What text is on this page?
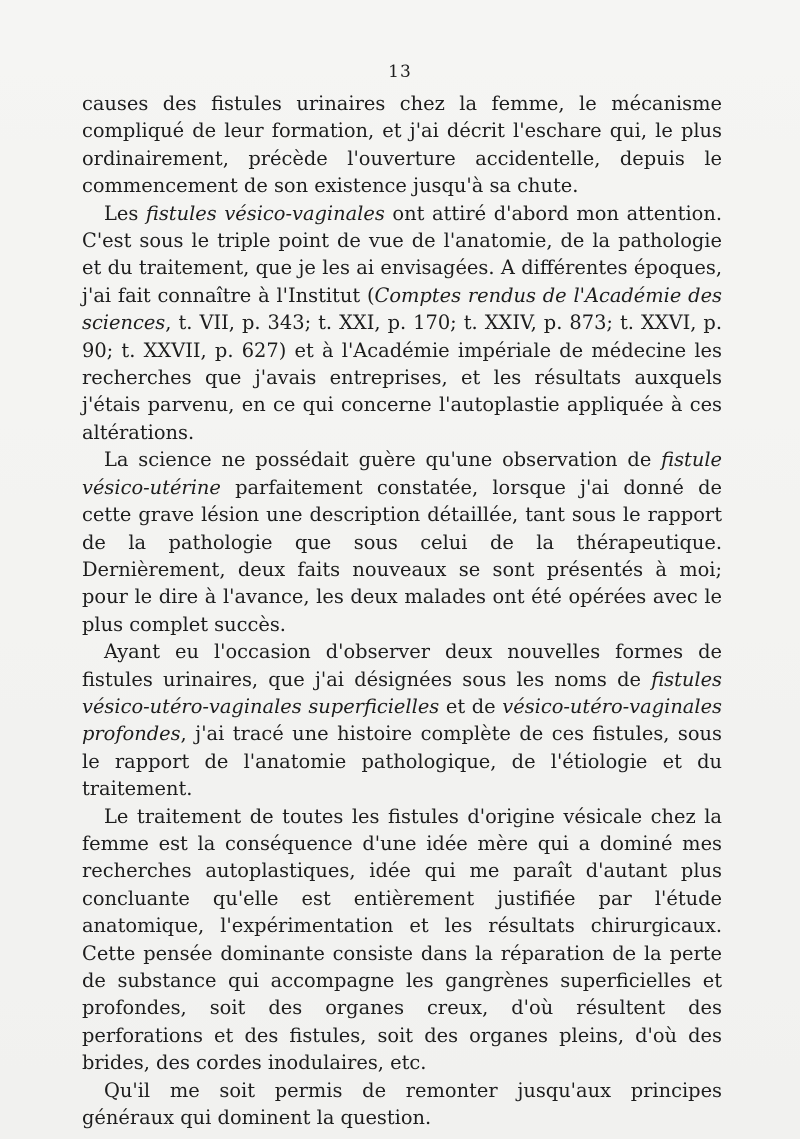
13

causes des fistules urinaires chez la femme, le mécanisme compliqué de leur formation, et j'ai décrit l'eschare qui, le plus ordinairement, précède l'ouverture accidentelle, depuis le commencement de son existence jusqu'à sa chute.

Les fistules vésico-vaginales ont attiré d'abord mon attention. C'est sous le triple point de vue de l'anatomie, de la pathologie et du traitement, que je les ai envisagées. A différentes époques, j'ai fait connaître à l'Institut (Comptes rendus de l'Académie des sciences, t. VII, p. 343; t. XXI, p. 170; t. XXIV, p. 873; t. XXVI, p. 90; t. XXVII, p. 627) et à l'Académie impériale de médecine les recherches que j'avais entreprises, et les résultats auxquels j'étais parvenu, en ce qui concerne l'autoplastie appliquée à ces altérations.

La science ne possédait guère qu'une observation de fistule vésico-utérine parfaitement constatée, lorsque j'ai donné de cette grave lésion une description détaillée, tant sous le rapport de la pathologie que sous celui de la thérapeutique. Dernièrement, deux faits nouveaux se sont présentés à moi; pour le dire à l'avance, les deux malades ont été opérées avec le plus complet succès.

Ayant eu l'occasion d'observer deux nouvelles formes de fistules urinaires, que j'ai désignées sous les noms de fistules vésico-utéro-vaginales superficielles et de vésico-utéro-vaginales profondes, j'ai tracé une histoire complète de ces fistules, sous le rapport de l'anatomie pathologique, de l'étiologie et du traitement.

Le traitement de toutes les fistules d'origine vésicale chez la femme est la conséquence d'une idée mère qui a dominé mes recherches autoplastiques, idée qui me paraît d'autant plus concluante qu'elle est entièrement justifiée par l'étude anatomique, l'expérimentation et les résultats chirurgicaux. Cette pensée dominante consiste dans la réparation de la perte de substance qui accompagne les gangrènes superficielles et profondes, soit des organes creux, d'où résultent des perforations et des fistules, soit des organes pleins, d'où des brides, des cordes inodulaires, etc.

Qu'il me soit permis de remonter jusqu'aux principes généraux qui dominent la question.
